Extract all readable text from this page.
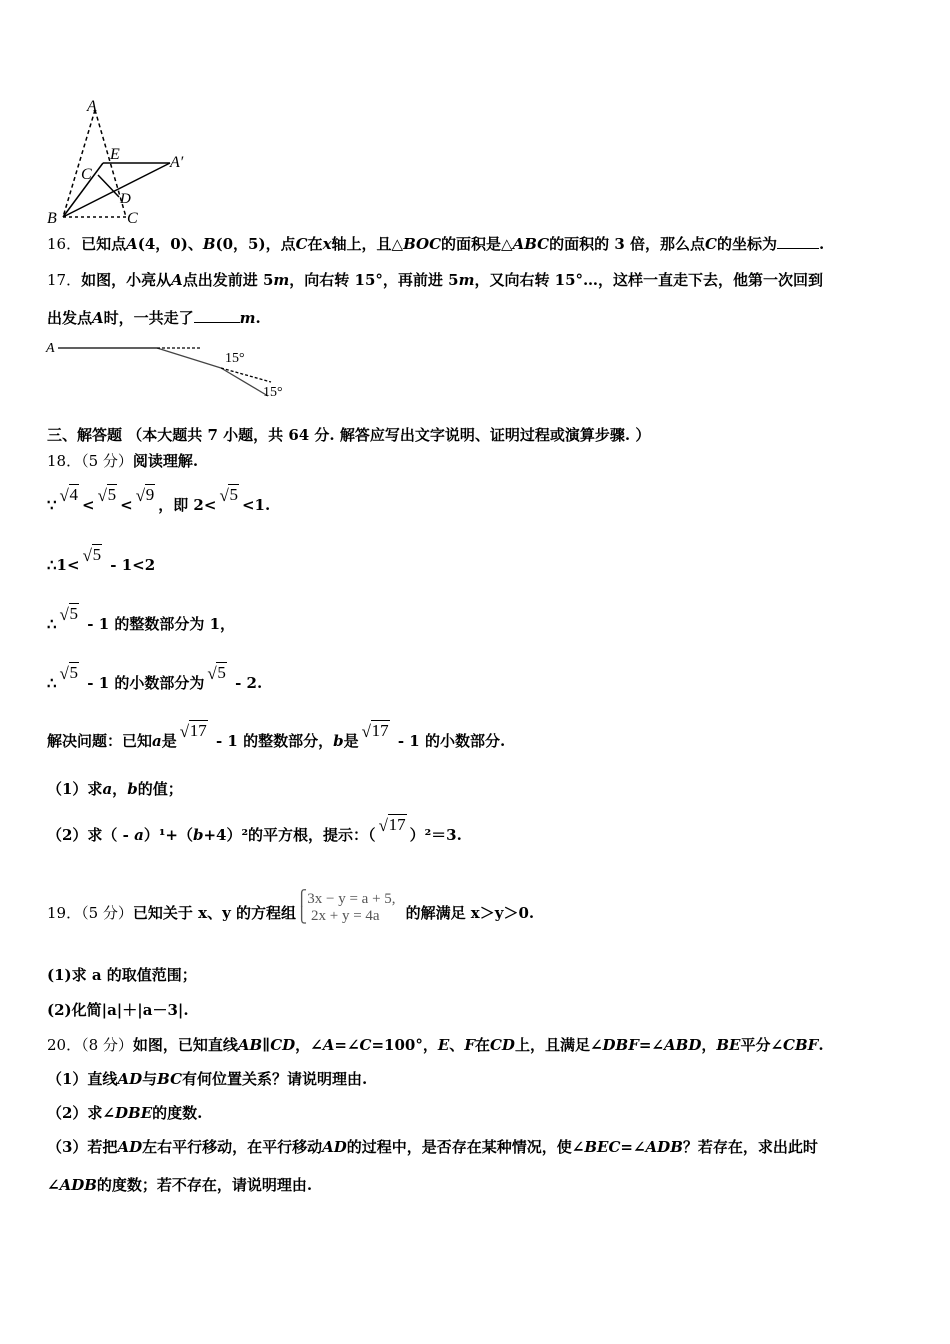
A
E	A′
C
D
B	C
A
15°
15°
16．已知点A(4，0)、B(0，5)，点C在x轴上，且△BOC的面积是△ABC的面积的 3 倍，那么点C的坐标为	.
17．如图，小亮从A点出发前进 5m，向右转 15°，再前进 5m，又向右转 15°…，这样一直走下去，他第一次回到
出发点A时，一共走了	m.
三、解答题 （本大题共 7 小题，共 64 分. 解答应写出文字说明、证明过程或演算步骤. ）
18．（5 分）阅读理解.
∵ √ 4< √ 5< √ 9，即 2< √ 5<1.
∴1< √ 5 ‑ 1<2
∴ √ 5 ‑ 1 的整数部分为 1，
∴ √ 5 ‑ 1 的小数部分为 √ 5 ‑ 2.
解决问题：已知a是 √ 17 ‑ 1 的整数部分，b是 √ 17 ‑ 1 的小数部分.
（1）求a，b的值；
（2）求（ ‑ a）¹+（b+4）²的平方根，提示：（ √ 17）²＝3.
19．（5 分）已知关于 x、y 的方程组
⎧3x − y = a + 5,
⎩ 2x + y = 4a	的解满足 x＞y＞0.
(1)求 a 的取值范围；
(2)化简|a|＋|a－3|.
20．（8 分）如图，已知直线AB∥CD，∠A=∠C=100°，E、F在CD上，且满足∠DBF=∠ABD，BE平分∠CBF.
（1）直线AD与BC有何位置关系？请说明理由.
（2）求∠DBE的度数.
（3）若把AD左右平行移动，在平行移动AD的过程中，是否存在某种情况，使∠BEC=∠ADB？若存在，求出此时
∠ADB的度数；若不存在，请说明理由.
